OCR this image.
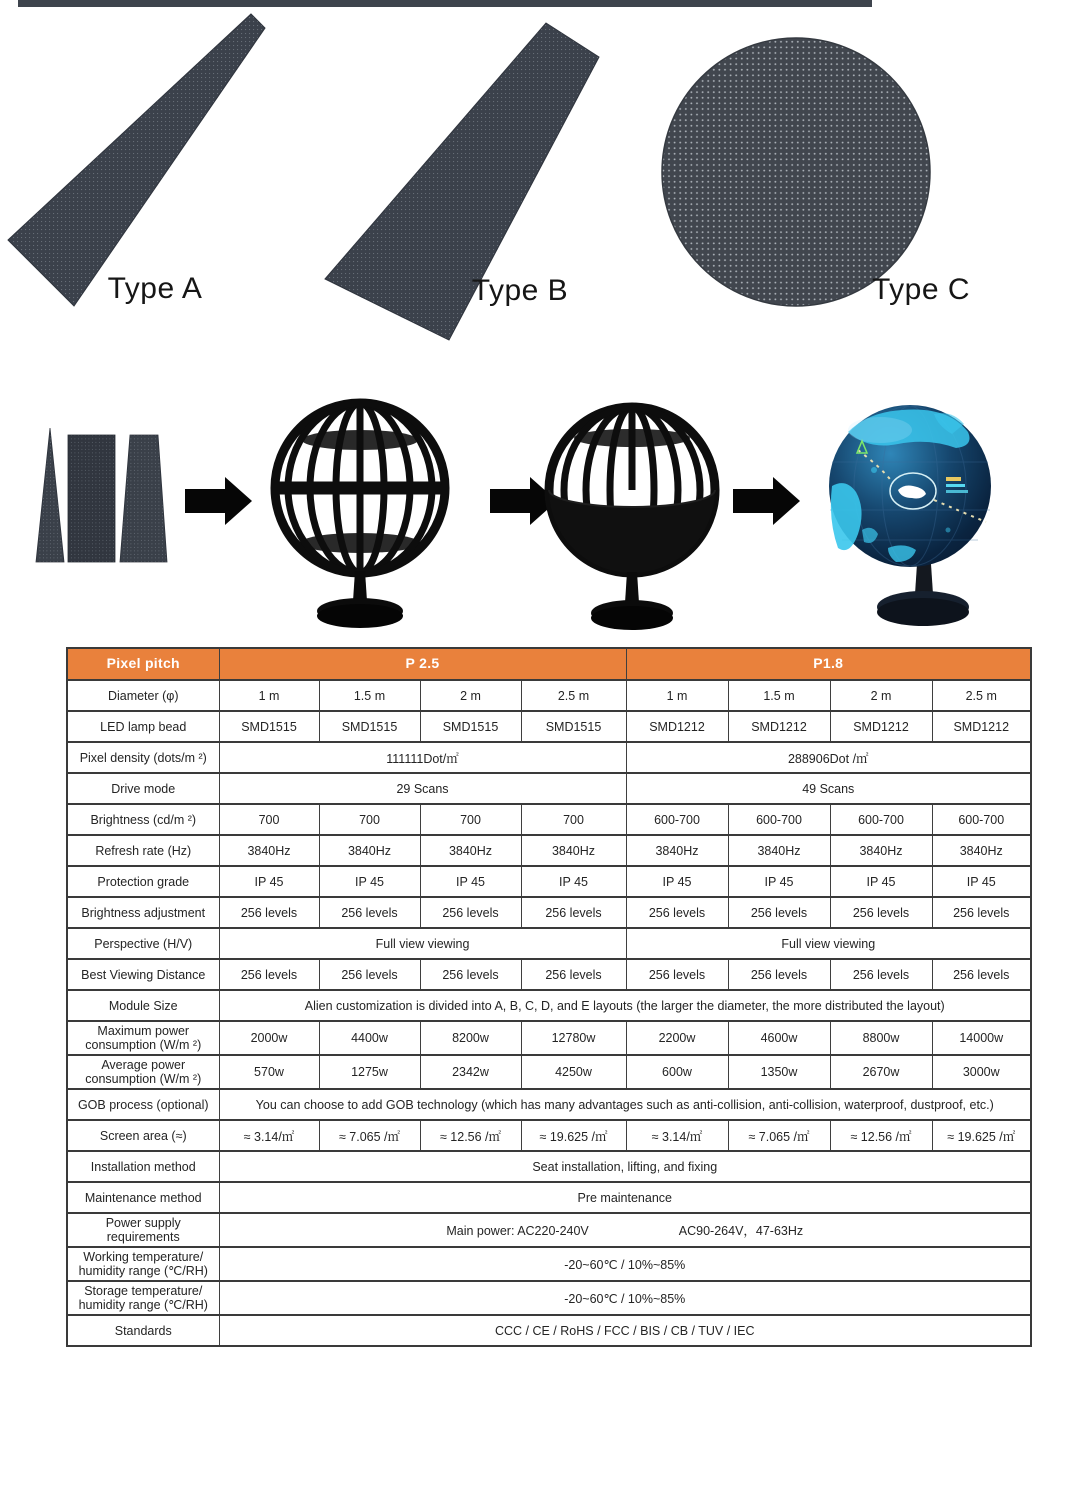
Type A	Type B	Type C
Pixel pitch	P 2.5				P1.8			
Diameter (φ)	1 m	1.5 m	2 m	2.5 m	1 m	1.5 m	2 m	2.5 m
LED lamp bead	SMD1515	SMD1515	SMD1515	SMD1515	SMD1212	SMD1212	SMD1212	SMD1212
Pixel density (dots/m ²)	111111Dot/㎡				288906Dot /㎡			
Drive mode	29 Scans				49 Scans			
Brightness (cd/m ²)	700	700	700	700	600-700	600-700	600-700	600-700
Refresh rate (Hz)	3840Hz	3840Hz	3840Hz	3840Hz	3840Hz	3840Hz	3840Hz	3840Hz
Protection grade	IP 45	IP 45	IP 45	IP 45	IP 45	IP 45	IP 45	IP 45
Brightness adjustment	256 levels	256 levels	256 levels	256 levels	256 levels	256 levels	256 levels	256 levels
Perspective (H/V)	Full view viewing				Full view viewing			
Best Viewing Distance	256 levels	256 levels	256 levels	256 levels	256 levels	256 levels	256 levels	256 levels
Module Size	Alien customization is divided into A, B, C, D, and E layouts (the larger the diameter, the more distributed the layout)							
Maximum power consumption (W/m ²)	2000w	4400w	8200w	12780w	2200w	4600w	8800w	14000w
Average power consumption (W/m ²)	570w	1275w	2342w	4250w	600w	1350w	2670w	3000w
GOB process (optional)	You can choose to add GOB technology (which has many advantages such as anti-collision, anti-collision, waterproof, dustproof, etc.)							
Screen area (≈)	≈ 3.14/㎡	≈ 7.065 /㎡	≈ 12.56 /㎡	≈ 19.625 /㎡	≈ 3.14/㎡	≈ 7.065 /㎡	≈ 12.56 /㎡	≈ 19.625 /㎡
Installation method	Seat installation, lifting, and fixing							
Maintenance method	Pre maintenance							
Power supply requirements	Main power: AC220-240V AC90-264V，47-63Hz							
Working temperature/ humidity range (℃/RH)	-20~60℃ / 10%~85%							
Storage temperature/ humidity range (℃/RH)	-20~60℃ / 10%~85%							
Standards	CCC / CE / RoHS / FCC / BIS / CB / TUV / IEC							
